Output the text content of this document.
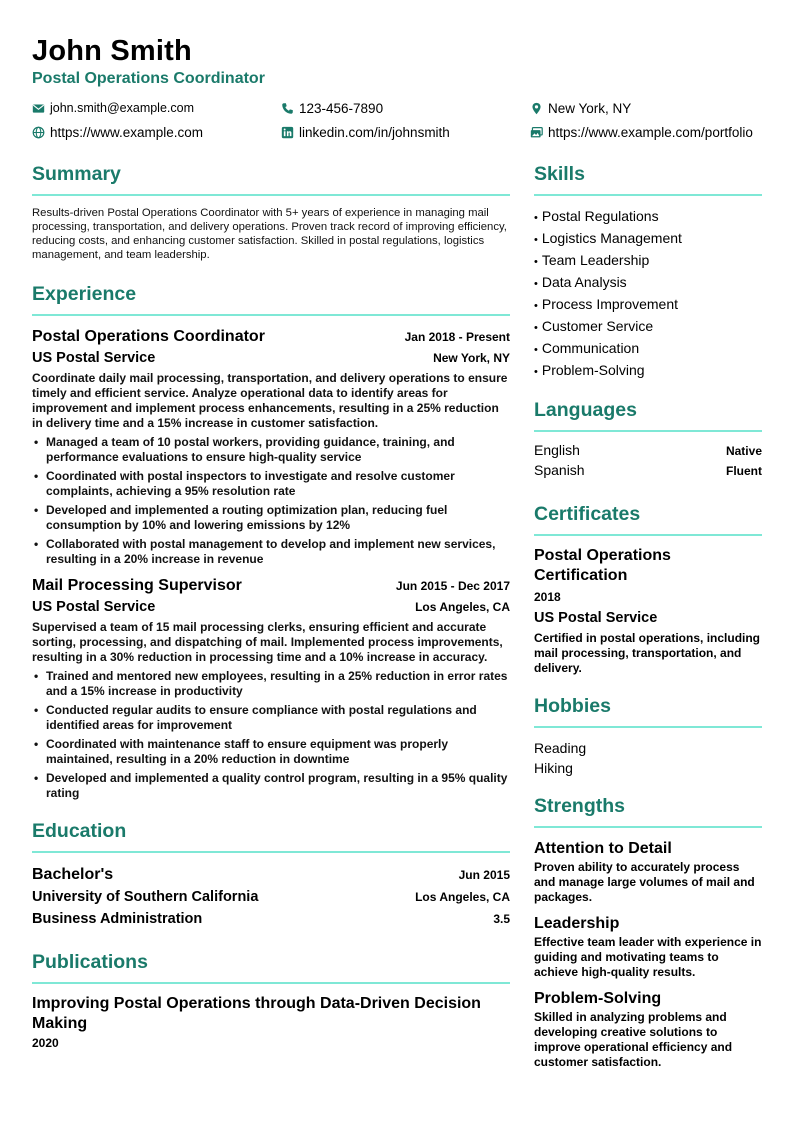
John Smith
Postal Operations Coordinator
john.smith@example.com	123-456-7890	New York, NY
https://www.example.com	linkedin.com/in/johnsmith	https://www.example.com/portfolio
Summary
Results-driven Postal Operations Coordinator with 5+ years of experience in managing mail processing, transportation, and delivery operations. Proven track record of improving efficiency, reducing costs, and enhancing customer satisfaction. Skilled in postal regulations, logistics management, and team leadership.
Experience
Postal Operations Coordinator	Jan 2018 - Present
US Postal Service	New York, NY
Coordinate daily mail processing, transportation, and delivery operations to ensure timely and efficient service. Analyze operational data to identify areas for improvement and implement process enhancements, resulting in a 25% reduction in delivery time and a 15% increase in customer satisfaction.
• Managed a team of 10 postal workers, providing guidance, training, and performance evaluations to ensure high-quality service
• Coordinated with postal inspectors to investigate and resolve customer complaints, achieving a 95% resolution rate
• Developed and implemented a routing optimization plan, reducing fuel consumption by 10% and lowering emissions by 12%
• Collaborated with postal management to develop and implement new services, resulting in a 20% increase in revenue
Mail Processing Supervisor	Jun 2015 - Dec 2017
US Postal Service	Los Angeles, CA
Supervised a team of 15 mail processing clerks, ensuring efficient and accurate sorting, processing, and dispatching of mail. Implemented process improvements, resulting in a 30% reduction in processing time and a 10% increase in accuracy.
• Trained and mentored new employees, resulting in a 25% reduction in error rates and a 15% increase in productivity
• Conducted regular audits to ensure compliance with postal regulations and identified areas for improvement
• Coordinated with maintenance staff to ensure equipment was properly maintained, resulting in a 20% reduction in downtime
• Developed and implemented a quality control program, resulting in a 95% quality rating
Education
Bachelor's	Jun 2015
University of Southern California	Los Angeles, CA
Business Administration	3.5
Publications
Improving Postal Operations through Data-Driven Decision Making
2020
Skills
• Postal Regulations
• Logistics Management
• Team Leadership
• Data Analysis
• Process Improvement
• Customer Service
• Communication
• Problem-Solving
Languages
English	Native
Spanish	Fluent
Certificates
Postal Operations Certification
2018
US Postal Service
Certified in postal operations, including mail processing, transportation, and delivery.
Hobbies
Reading
Hiking
Strengths
Attention to Detail
Proven ability to accurately process and manage large volumes of mail and packages.
Leadership
Effective team leader with experience in guiding and motivating teams to achieve high-quality results.
Problem-Solving
Skilled in analyzing problems and developing creative solutions to improve operational efficiency and customer satisfaction.
